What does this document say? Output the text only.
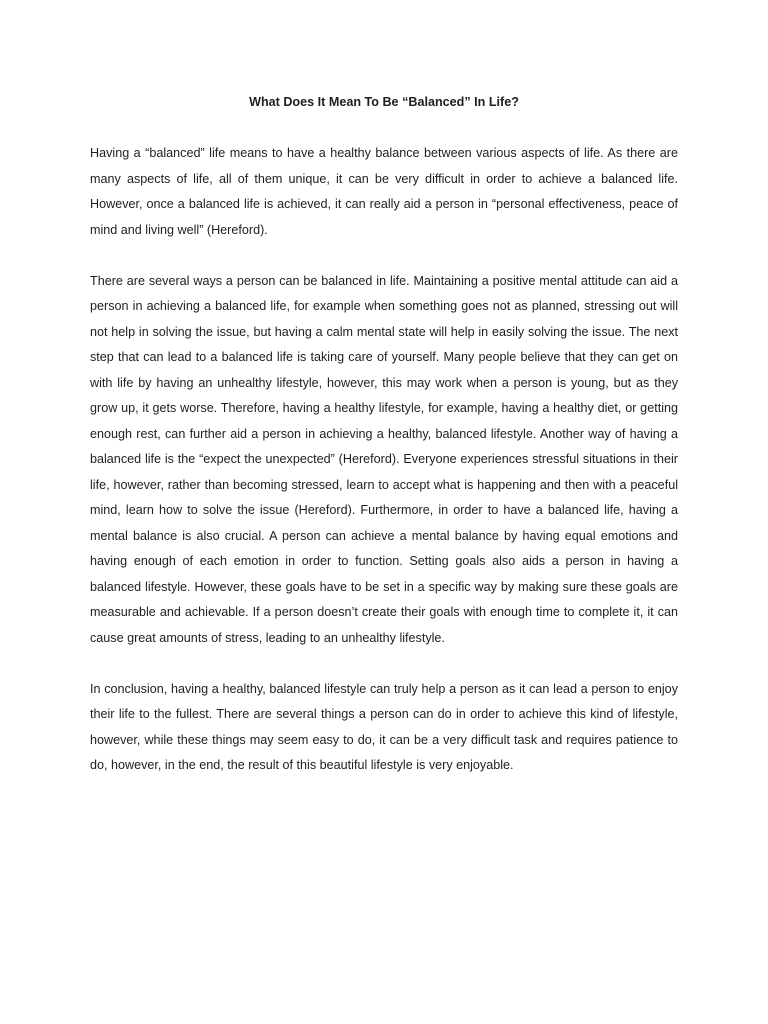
What Does It Mean To Be “Balanced” In Life?

Having a “balanced” life means to have a healthy balance between various aspects of life. As there are many aspects of life, all of them unique, it can be very difficult in order to achieve a balanced life. However, once a balanced life is achieved, it can really aid a person in “personal effectiveness, peace of mind and living well” (Hereford).

There are several ways a person can be balanced in life. Maintaining a positive mental attitude can aid a person in achieving a balanced life, for example when something goes not as planned, stressing out will not help in solving the issue, but having a calm mental state will help in easily solving the issue. The next step that can lead to a balanced life is taking care of yourself. Many people believe that they can get on with life by having an unhealthy lifestyle, however, this may work when a person is young, but as they grow up, it gets worse. Therefore, having a healthy lifestyle, for example, having a healthy diet, or getting enough rest, can further aid a person in achieving a healthy, balanced lifestyle. Another way of having a balanced life is the “expect the unexpected” (Hereford). Everyone experiences stressful situations in their life, however, rather than becoming stressed, learn to accept what is happening and then with a peaceful mind, learn how to solve the issue (Hereford). Furthermore, in order to have a balanced life, having a mental balance is also crucial. A person can achieve a mental balance by having equal emotions and having enough of each emotion in order to function. Setting goals also aids a person in having a balanced lifestyle. However, these goals have to be set in a specific way by making sure these goals are measurable and achievable. If a person doesn’t create their goals with enough time to complete it, it can cause great amounts of stress, leading to an unhealthy lifestyle.

In conclusion, having a healthy, balanced lifestyle can truly help a person as it can lead a person to enjoy their life to the fullest. There are several things a person can do in order to achieve this kind of lifestyle, however, while these things may seem easy to do, it can be a very difficult task and requires patience to do, however, in the end, the result of this beautiful lifestyle is very enjoyable.
